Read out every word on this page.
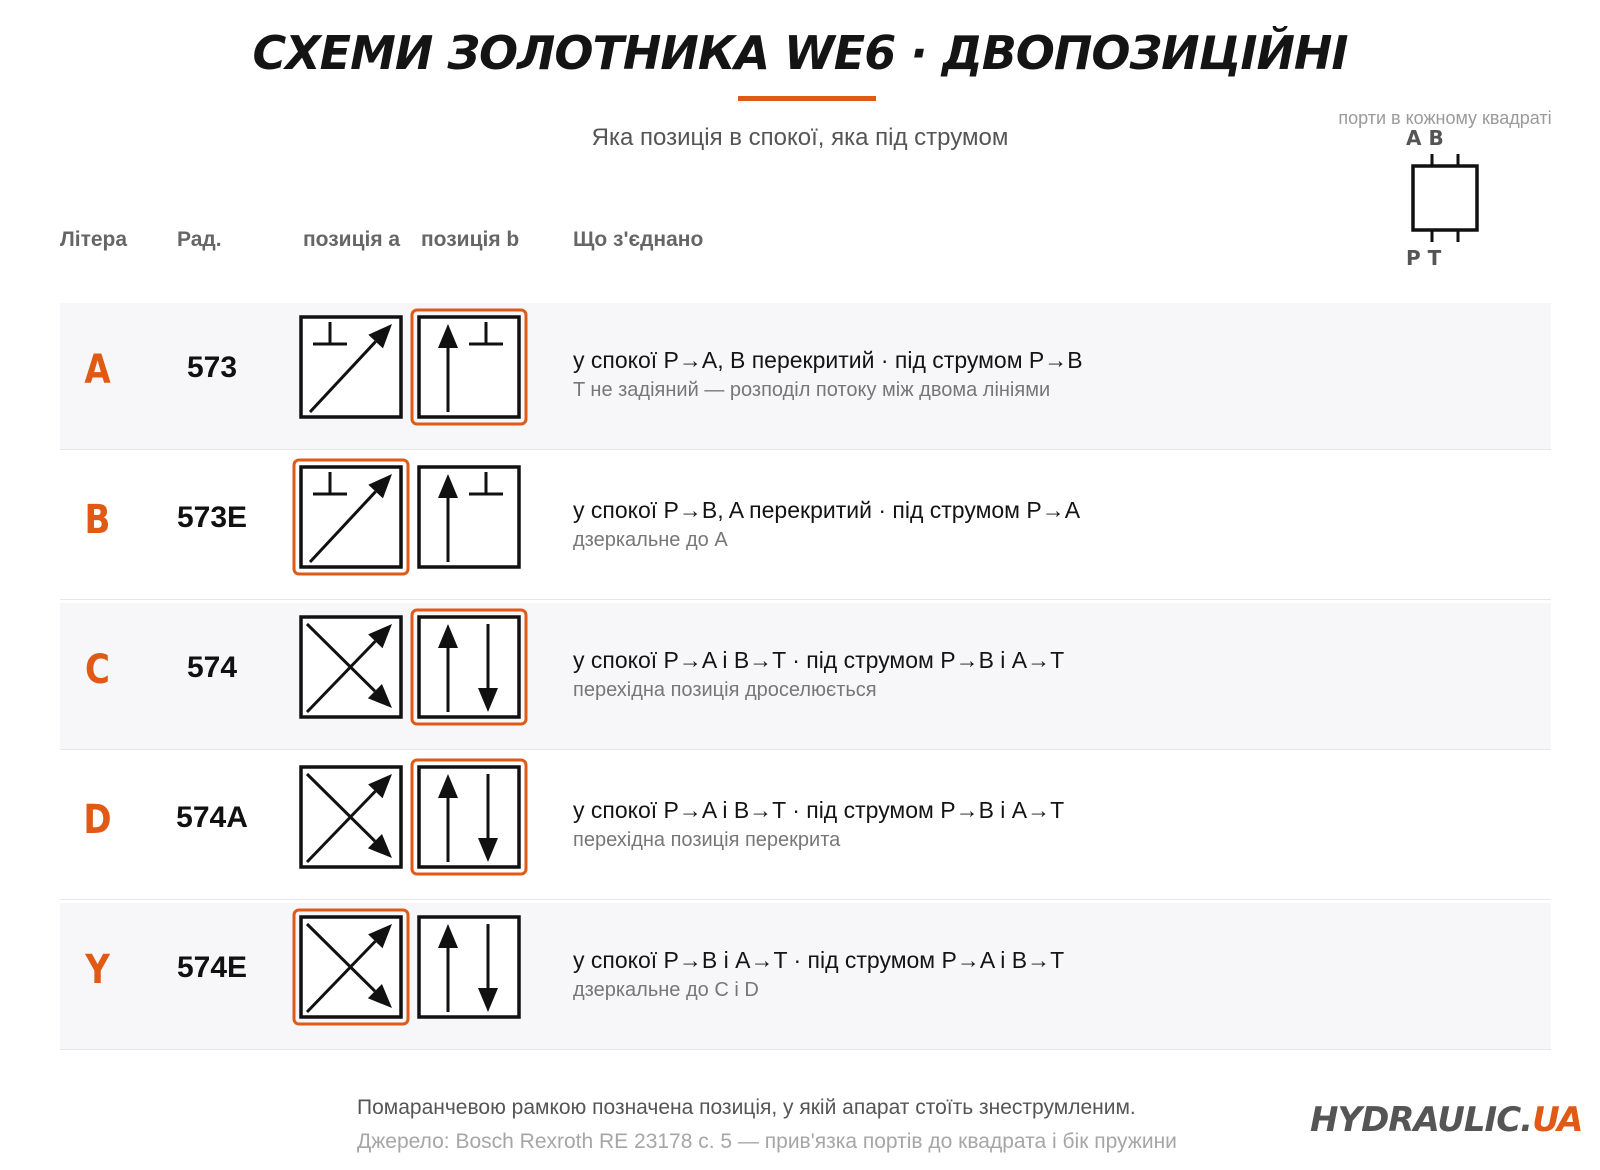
СХЕМИ ЗОЛОТНИКА WE6 · ДВОПОЗИЦІЙНІ
Яка позиція в спокої, яка під струмом
порти в кожному квадраті
A B
P T
Літера Рад.	позиція a позиція b	Що з'єднано
A	573	у спокої P→A, B перекритий · під струмом P→B
T не задіяний — розподіл потоку між двома лініями
B	573E	у спокої P→B, A перекритий · під струмом P→A
дзеркальне до A
C	574	у спокої P→A і B→T · під струмом P→B і A→T
перехідна позиція дроселюється
D	574A	у спокої P→A і B→T · під струмом P→B і A→T
перехідна позиція перекрита
Y	574E	у спокої P→B і A→T · під струмом P→A і B→T
дзеркальне до C і D
Помаранчевою рамкою позначена позиція, у якій апарат стоїть знеструмленим.
Джерело: Bosch Rexroth RE 23178 с. 5 — прив'язка портів до квадрата і бік пружини
HYDRAULIC.UA
